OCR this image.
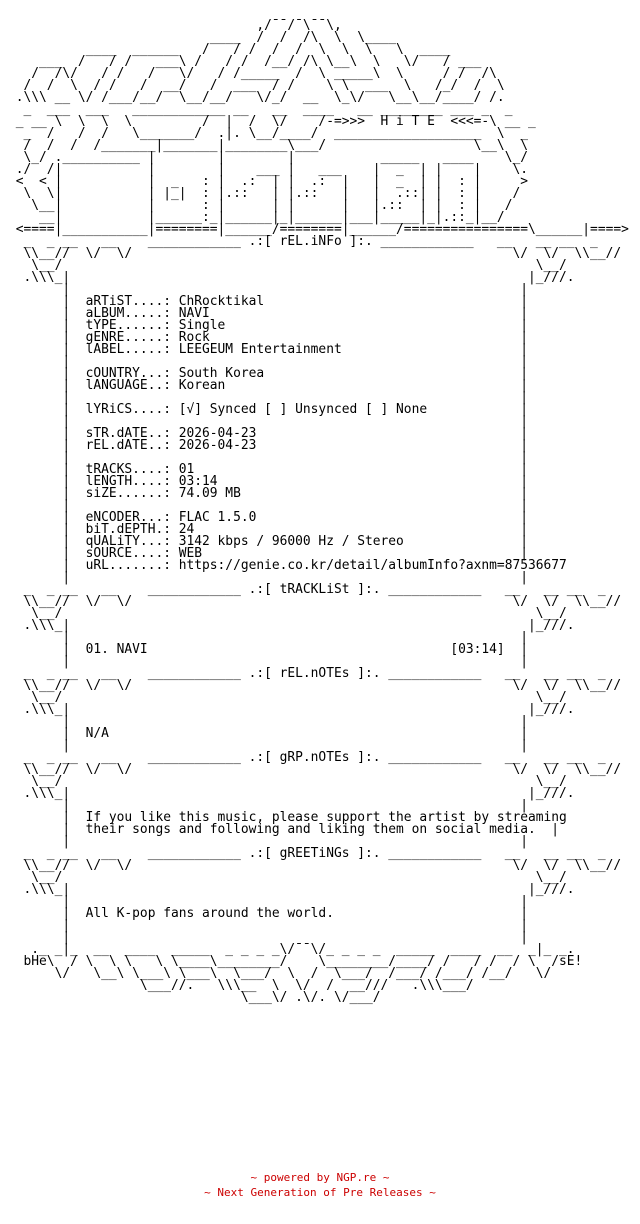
,/¯¯/¯\¯¯\,
____  /  /  /\  \  \____
____  ______   /   / /  /  /  \  \  \   \  ____
___  /   / /   ___\ /   / /  /__/ /\ \__\  \   \/   / ___
/  /\/   / /   /   \/   / /_____  /  \ _____\  \     / /  /\
/  /  \  / /   /  __/   /  ___  / /    \ \  ___  \   /_/  /  \
.\\\ __ \/ /___/__/  \__/__/   \/_/  __  \_\/   \__\__/____/ /.
_  ___  ___   ____________ __   __  ____   __ ________ ___ _  _
_ __ \  \  \  \         /  |  /  \/    /-=>>>  H i T E  <<<=-\ __ _
_  /   /  /   \_______/  .|. \__/____/  ___________________  \  _
/  /  /  /_______|_______|________\___/                   \__\  \
\_/ .__________ |        |        |           _____   ____    \_/
./  /|           |        |    ___ |   ___    |  _  | |    |    \.
<  < |           |  _   : |  .:  | |  .:  |   |  _  | |  : |     >
\  \|           | |_|  : |.::   | |.::   |   |  .::| |  : |    /
\__|           |      : |      | |      |   |.::  | |  : |   /
__|           |______:_|______|_|______|___|_____|_|.::_|__/
<====|___________|========|______/========|______/================\______|====>
_  _ __   __    ____________ .:[ rEL.iNFo ]:. ____________   __   __ __  _
\\__//  \/  \/                                                 \/  \/  \\__//
\__/                                                             \__/
.\\\_|                                                           |_///.
|                                                          |
|  aRTiST....: ChRocktikal                                 |
|  aLBUM.....: NAVI                                        |
|  tYPE......: Single                                      |
|  gENRE.....: Rock                                        |
|  lABEL.....: LEEGEUM Entertainment                       |
|                                                          |
|  cOUNTRY...: South Korea                                 |
|  lANGUAGE..: Korean                                      |
|                                                          |
|  lYRiCS....: [√] Synced [ ] Unsynced [ ] None            |
|                                                          |
|  sTR.dATE..: 2026-04-23                                  |
|  rEL.dATE..: 2026-04-23                                  |
|                                                          |
|  tRACKS....: 01                                          |
|  lENGTH....: 03:14                                       |
|  siZE......: 74.09 MB                                    |
|                                                          |
|  eNCODER...: FLAC 1.5.0                                  |
|  biT.dEPTH.: 24                                          |
|  qUALiTY...: 3142 kbps / 96000 Hz / Stereo               |
|  sOURCE....: WEB                                         |
|  uRL.......: https://genie.co.kr/detail/albumInfo?axnm=87536677
|                                                          |
_  _ __   __    ____________ .:[ tRACKLiSt ]:. ____________   __   __ __  _
\\__//  \/  \/                                                 \/  \/  \\__//
\__/                                                             \__/
.\\\_|                                                           |_///.
|                                                          |
|  01. NAVI                                       [03:14]  |
|                                                          |
_  _ __   __    ____________ .:[ rEL.nOTEs ]:. ____________   __   __ __  _
\\__//  \/  \/                                                 \/  \/  \\__//
\__/                                                             \__/
.\\\_|                                                           |_///.
|                                                          |
|  N/A                                                     |
|                                                          |
_  _ __   __    ____________ .:[ gRP.nOTEs ]:. ____________   __   __ __  _
\\__//  \/  \/                                                 \/  \/  \\__//
\__/                                                             \__/
.\\\_|                                                           |_///.
|                                                          |
|  If you like this music, please support the artist by streaming
|  their songs and following and liking them on social media.  |
|                                                          |
_  _ __   __    ____________ .:[ gREETiNGs ]:. ____________   __   __ __  _
\\__//  \/  \/                                                 \/  \/  \\__//
\__/                                                             \__/
.\\\_|                                                           |_///.
|                                                          |
|  All K-pop fans around the world.                        |
|                                                          |
|                                                          |
._ _|_  __  ____  _____  _ _ _ _\/¯¯\/_ _ _ _  _____  ____  __  _|_ _.
bHe\  / \  \ \   \ \____\________/    \________/____/ /   / /  / \  /sE!
\/   \__\ \___\ \___\  \___/  \  /  \___/  /___/ /___/ /__/   \/
\___//.   \\\__  \  \/  /  __///   .\\\___/
\___\/ .\/. \/___/

~ powered by NGP.re ~
~ Next Generation of Pre Releases ~
